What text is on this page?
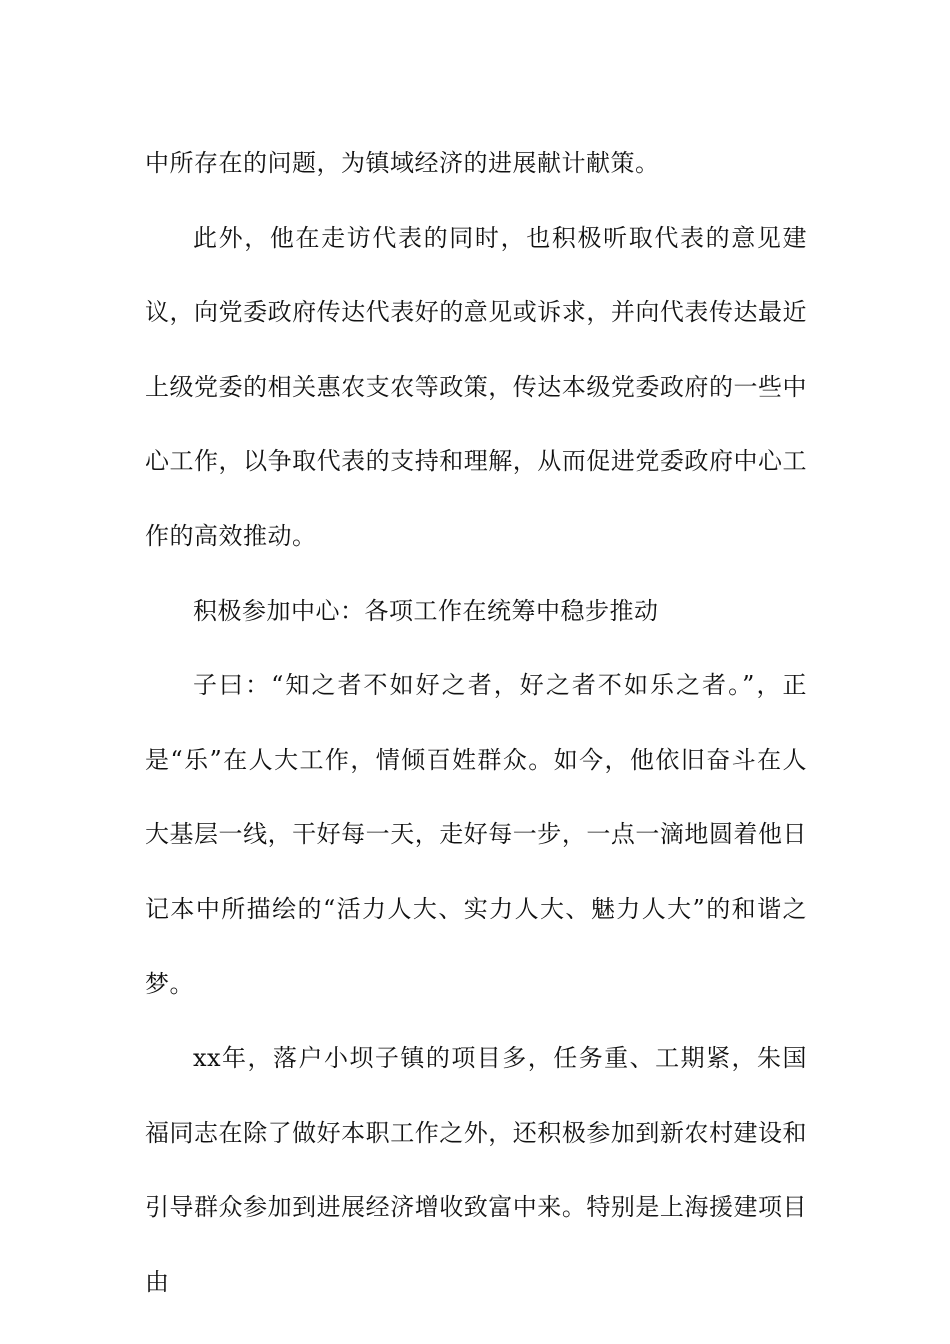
中所存在的问题，为镇域经济的进展献计献策。

此外，他在走访代表的同时，也积极听取代表的意见建议，向党委政府传达代表好的意见或诉求，并向代表传达最近上级党委的相关惠农支农等政策，传达本级党委政府的一些中心工作，以争取代表的支持和理解，从而促进党委政府中心工作的高效推动。

积极参加中心：各项工作在统筹中稳步推动

子曰：“知之者不如好之者，好之者不如乐之者。”，正是“乐”在人大工作，情倾百姓群众。如今，他依旧奋斗在人大基层一线，干好每一天，走好每一步，一点一滴地圆着他日记本中所描绘的“活力人大、实力人大、魅力人大”的和谐之梦。

xx年，落户小坝子镇的项目多，任务重、工期紧，朱国福同志在除了做好本职工作之外，还积极参加到新农村建设和引导群众参加到进展经济增收致富中来。特别是上海援建项目由
